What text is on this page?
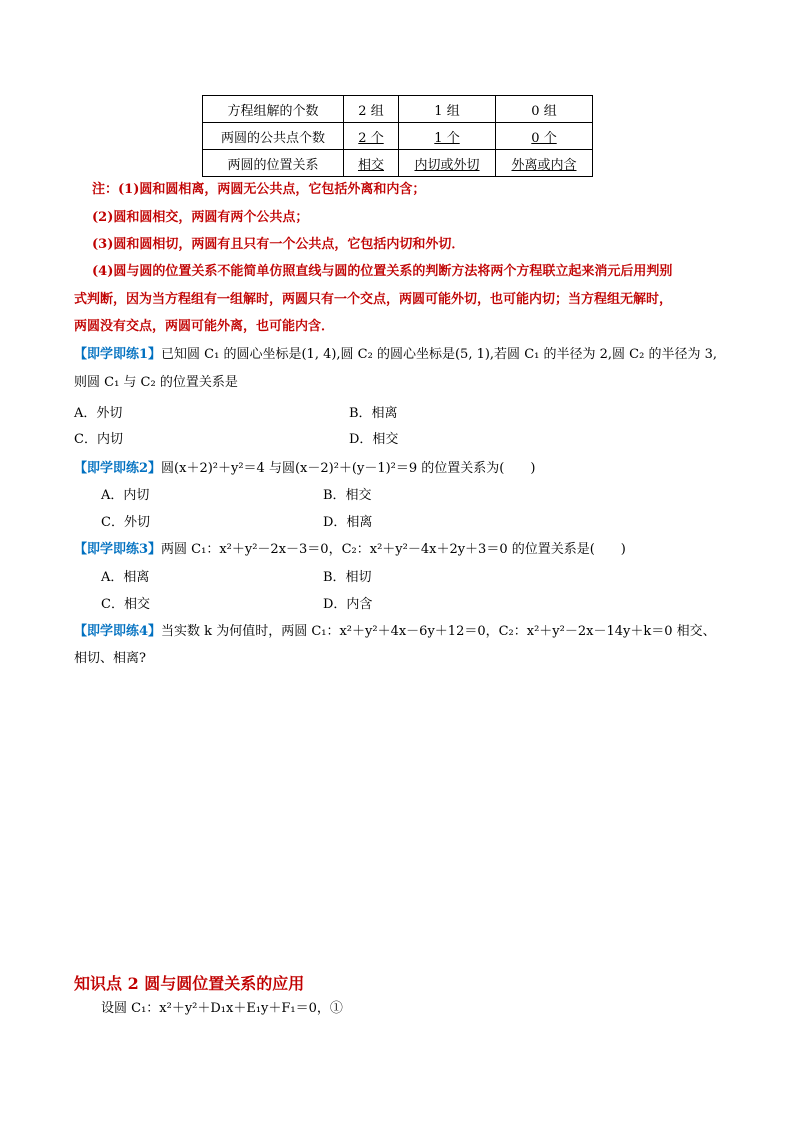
方程组解的个数	2 组	1 组	0 组
两圆的公共点个数	2 个	1 个	0 个
两圆的位置关系	相交	内切或外切	外离或内含
注：(1)圆和圆相离，两圆无公共点，它包括外离和内含；
(2)圆和圆相交，两圆有两个公共点；
(3)圆和圆相切，两圆有且只有一个公共点，它包括内切和外切．
(4)圆与圆的位置关系不能简单仿照直线与圆的位置关系的判断方法将两个方程联立起来消元后用判别
式判断，因为当方程组有一组解时，两圆只有一个交点，两圆可能外切，也可能内切；当方程组无解时，
两圆没有交点，两圆可能外离，也可能内含．
【即学即练1】已知圆 C₁ 的圆心坐标是(1, 4),圆 C₂ 的圆心坐标是(5, 1),若圆 C₁ 的半径为 2,圆 C₂ 的半径为 3,
则圆 C₁ 与 C₂ 的位置关系是
A．外切	B．相离
C．内切	D．相交
【即学即练2】圆(x＋2)²＋y²＝4 与圆(x－2)²＋(y－1)²＝9 的位置关系为(　　)
A．内切	B．相交
C．外切	D．相离
【即学即练3】两圆 C₁：x²＋y²－2x－3＝0，C₂：x²＋y²－4x＋2y＋3＝0 的位置关系是(　　)
A．相离	B．相切
C．相交	D．内含
【即学即练4】当实数 k 为何值时，两圆 C₁：x²＋y²＋4x－6y＋12＝0，C₂：x²＋y²－2x－14y＋k＝0 相交、
相切、相离?
知识点 2 圆与圆位置关系的应用
设圆 C₁：x²＋y²＋D₁x＋E₁y＋F₁＝0，①
